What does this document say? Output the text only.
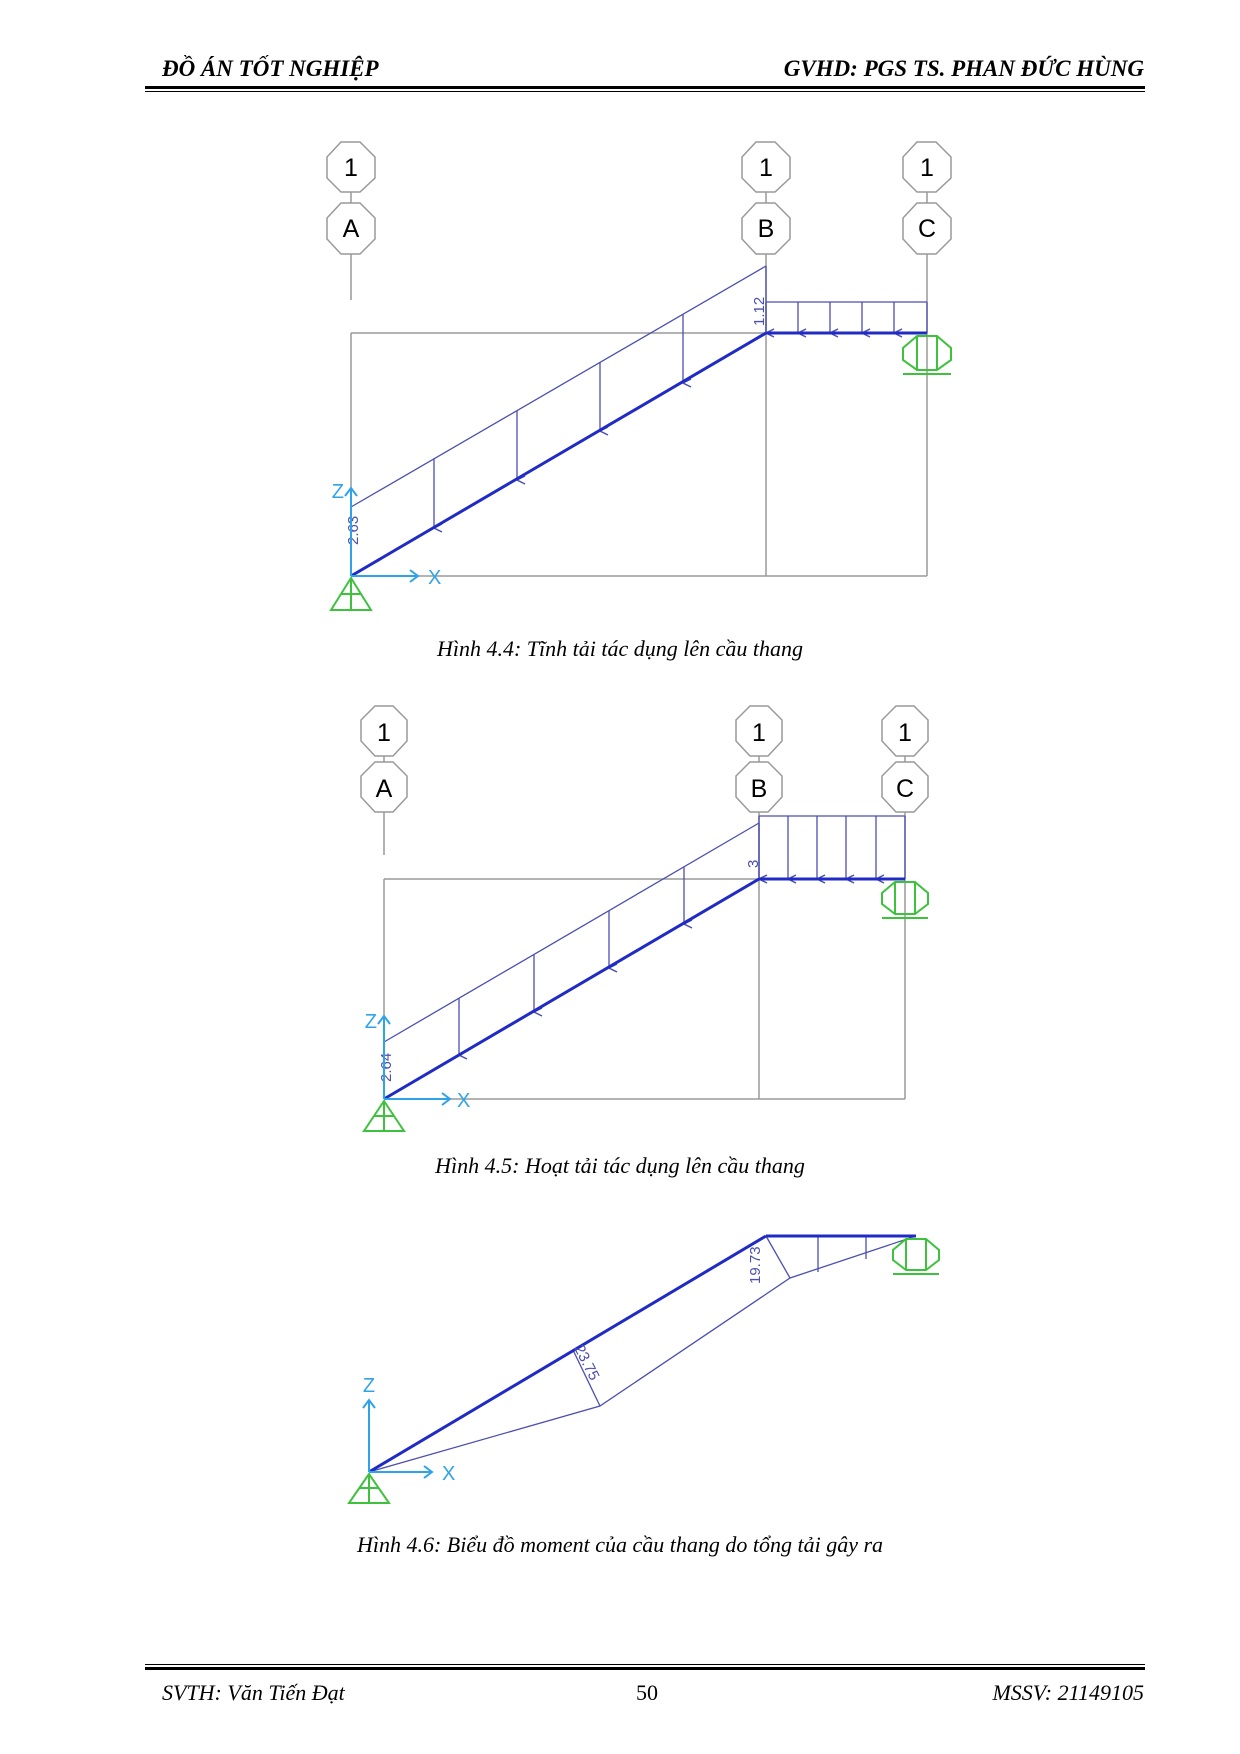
ĐỒ ÁN TỐT NGHIỆP	GVHD: PGS TS. PHAN ĐỨC HÙNG
1
A
1
B
1
C
2.63
1.12
Z
X
Hình 4.4: Tĩnh tải tác dụng lên cầu thang
1
A
1
B
1
C
2.64
3
Z
X
Hình 4.5: Hoạt tải tác dụng lên cầu thang
23.75
19.73
Z
X
Hình 4.6: Biểu đồ moment của cầu thang do tổng tải gây ra
SVTH: Văn Tiến Đạt	50	MSSV: 21149105
